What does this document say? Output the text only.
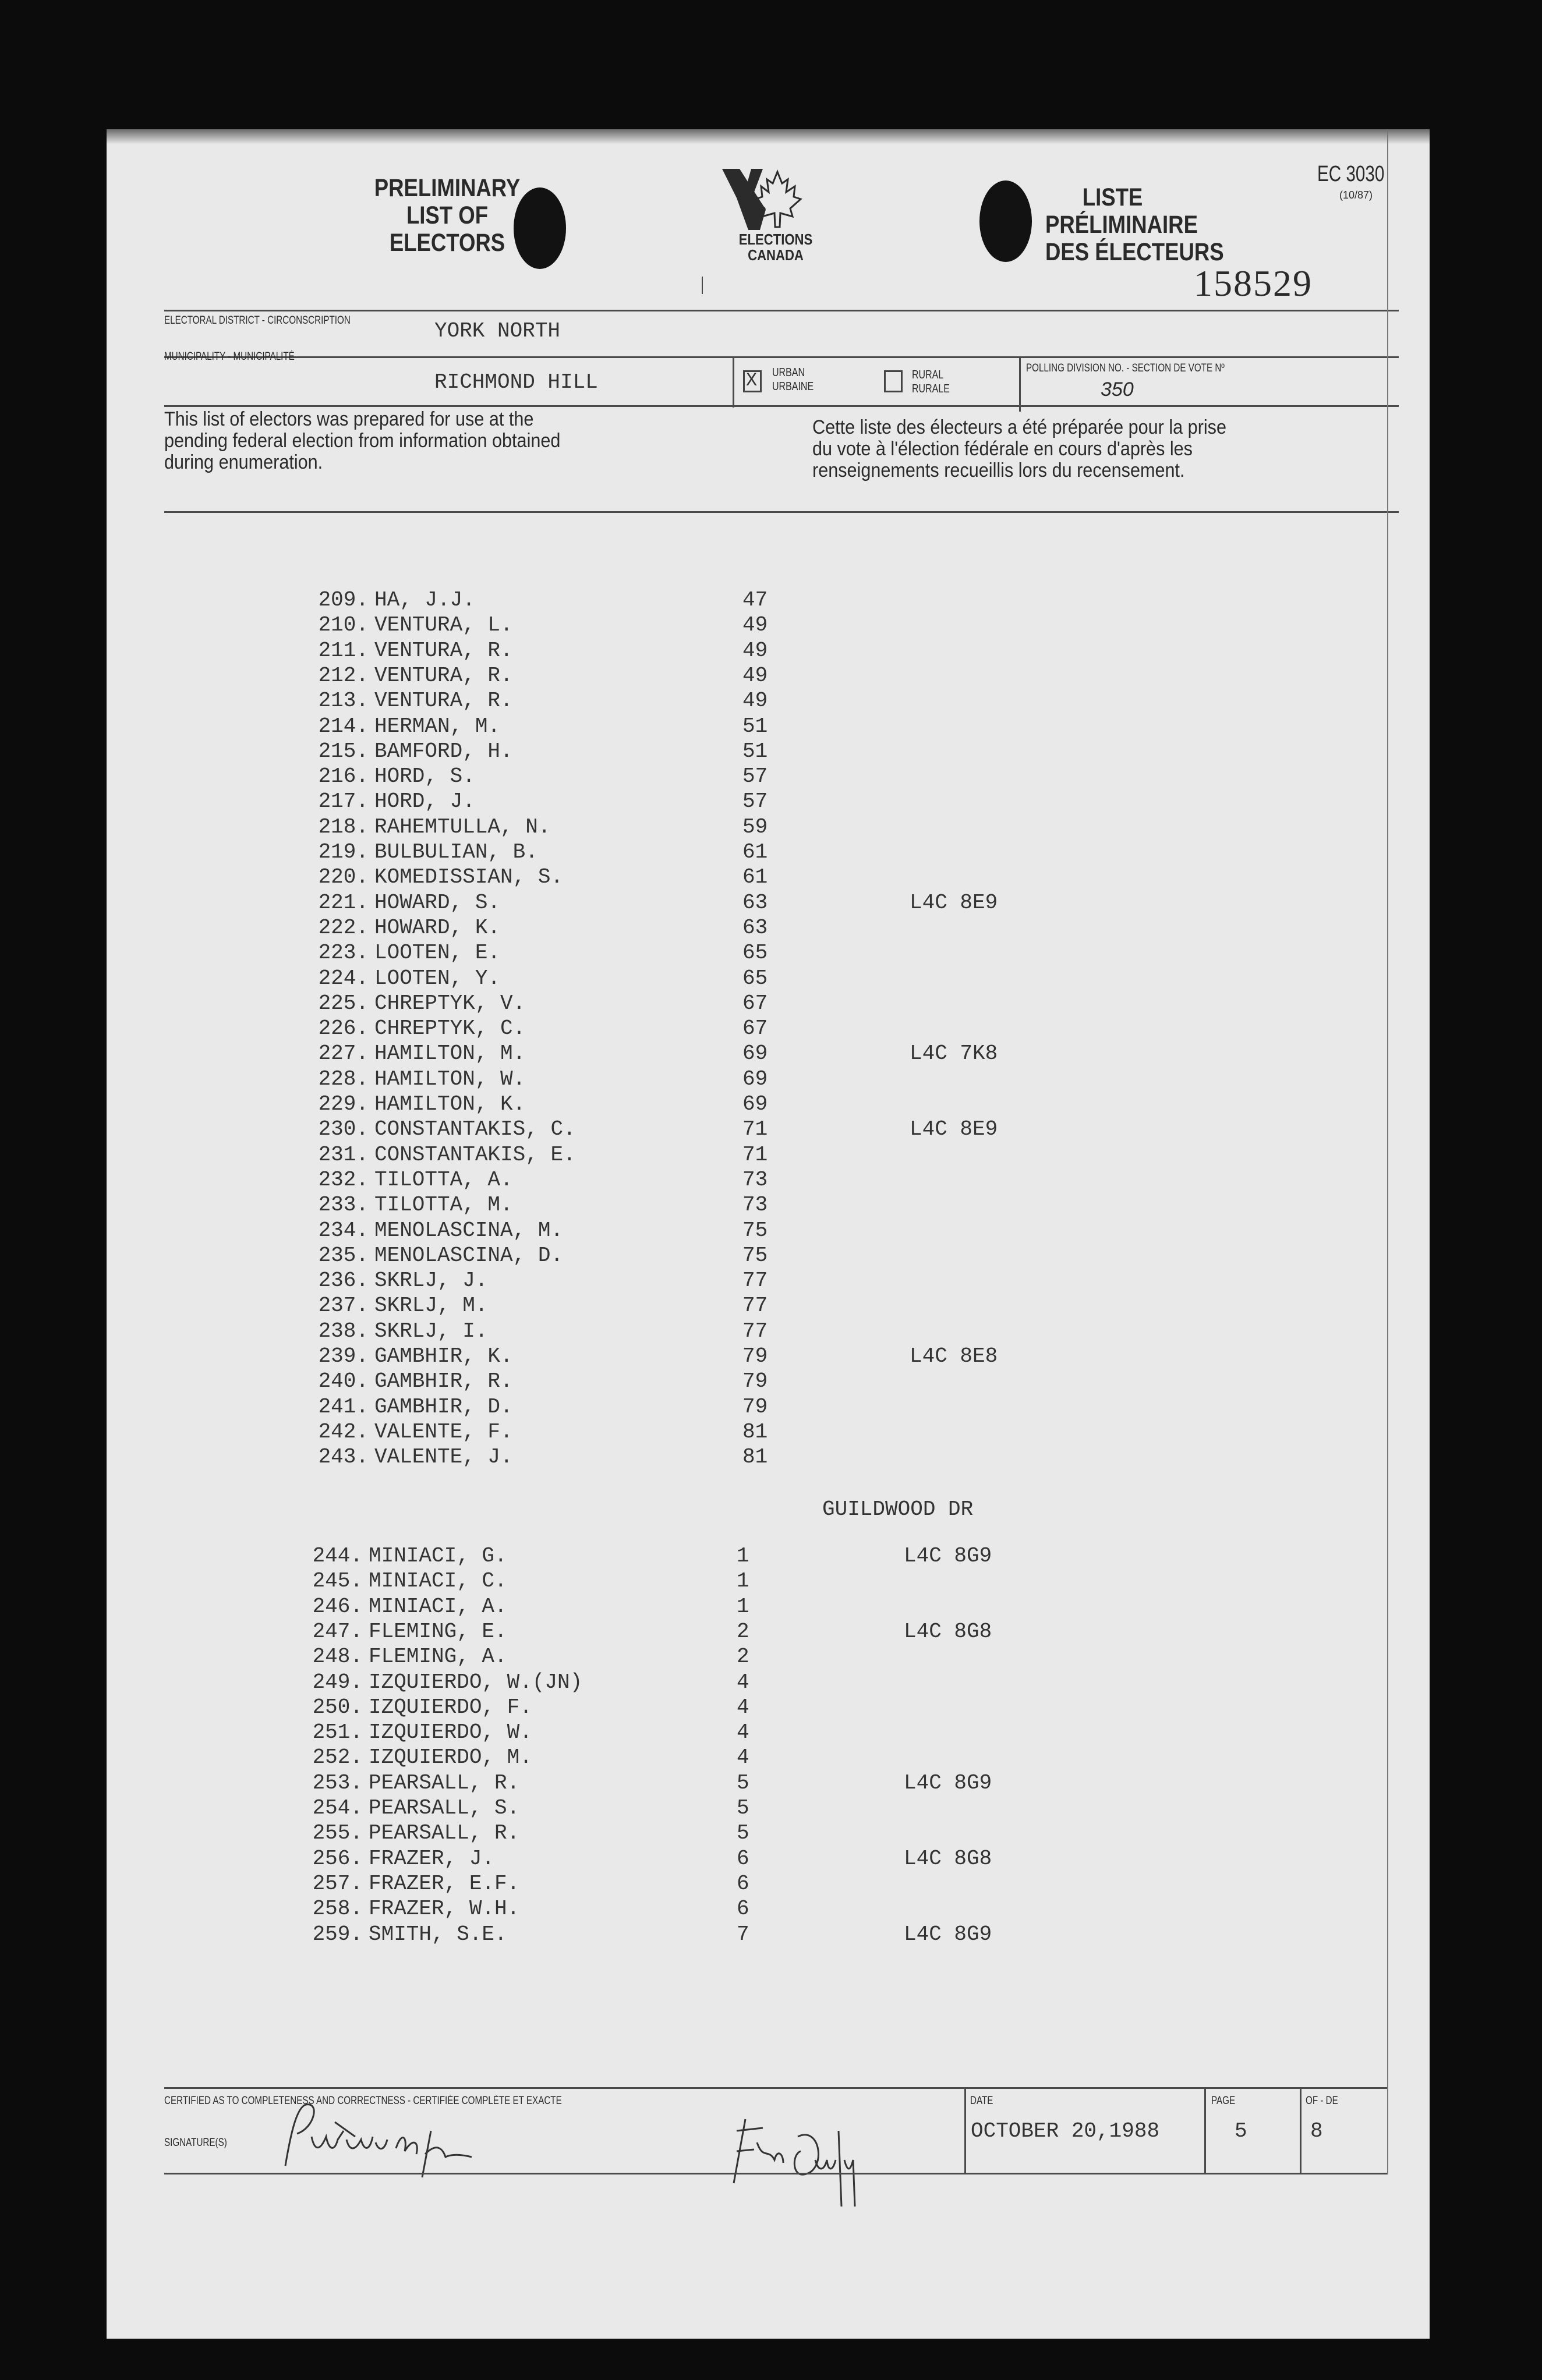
PRELIMINARY
LIST OF
ELECTORS	ELECTIONS
CANADA
LISTE
PRÉLIMINAIRE
DES ÉLECTEURS
EC 3030
(10/87)
158529
ELECTORAL DISTRICT - CIRCONSCRIPTION	YORK NORTH
MUNICIPALITY - MUNICIPALITÉ
RICHMOND HILL	X URBAN
URBAINE
RURAL
RURALE
POLLING DIVISION NO. - SECTION DE VOTE Nº
350
This list of electors was prepared for use at the
pending federal election from information obtained
during enumeration.
Cette liste des électeurs a été préparée pour la prise
du vote à l'élection fédérale en cours d'après les
renseignements recueillis lors du recensement.
209. HA, J.J.	47
210. VENTURA, L.	49
211. VENTURA, R.	49
212. VENTURA, R.	49
213. VENTURA, R.	49
214. HERMAN, M.	51
215. BAMFORD, H.	51
216. HORD, S.	57
217. HORD, J.	57
218. RAHEMTULLA, N.	59
219. BULBULIAN, B.	61
220. KOMEDISSIAN, S.	61
221. HOWARD, S.	63	L4C 8E9
222. HOWARD, K.	63
223. LOOTEN, E.	65
224. LOOTEN, Y.	65
225. CHREPTYK, V.	67
226. CHREPTYK, C.	67
227. HAMILTON, M.	69	L4C 7K8
228. HAMILTON, W.	69
229. HAMILTON, K.	69
230. CONSTANTAKIS, C.	71	L4C 8E9
231. CONSTANTAKIS, E.	71
232. TILOTTA, A.	73
233. TILOTTA, M.	73
234. MENOLASCINA, M.	75
235. MENOLASCINA, D.	75
236. SKRLJ, J.	77
237. SKRLJ, M.	77
238. SKRLJ, I.	77
239. GAMBHIR, K.	79	L4C 8E8
240. GAMBHIR, R.	79
241. GAMBHIR, D.	79
242. VALENTE, F.	81
243. VALENTE, J.	81
GUILDWOOD DR
244. MINIACI, G.	1	L4C 8G9
245. MINIACI, C.	1
246. MINIACI, A.	1
247. FLEMING, E.	2	L4C 8G8
248. FLEMING, A.	2
249. IZQUIERDO, W.(JN)	4
250. IZQUIERDO, F.	4
251. IZQUIERDO, W.	4
252. IZQUIERDO, M.	4
253. PEARSALL, R.	5	L4C 8G9
254. PEARSALL, S.	5
255. PEARSALL, R.	5
256. FRAZER, J.	6	L4C 8G8
257. FRAZER, E.F.	6
258. FRAZER, W.H.	6
259. SMITH, S.E.	7	L4C 8G9
CERTIFIED AS TO COMPLETENESS AND CORRECTNESS - CERTIFIÉE COMPLÈTE ET EXACTE
SIGNATURE(S)
DATE
OCTOBER 20,1988
PAGE
5
OF - DE
8
